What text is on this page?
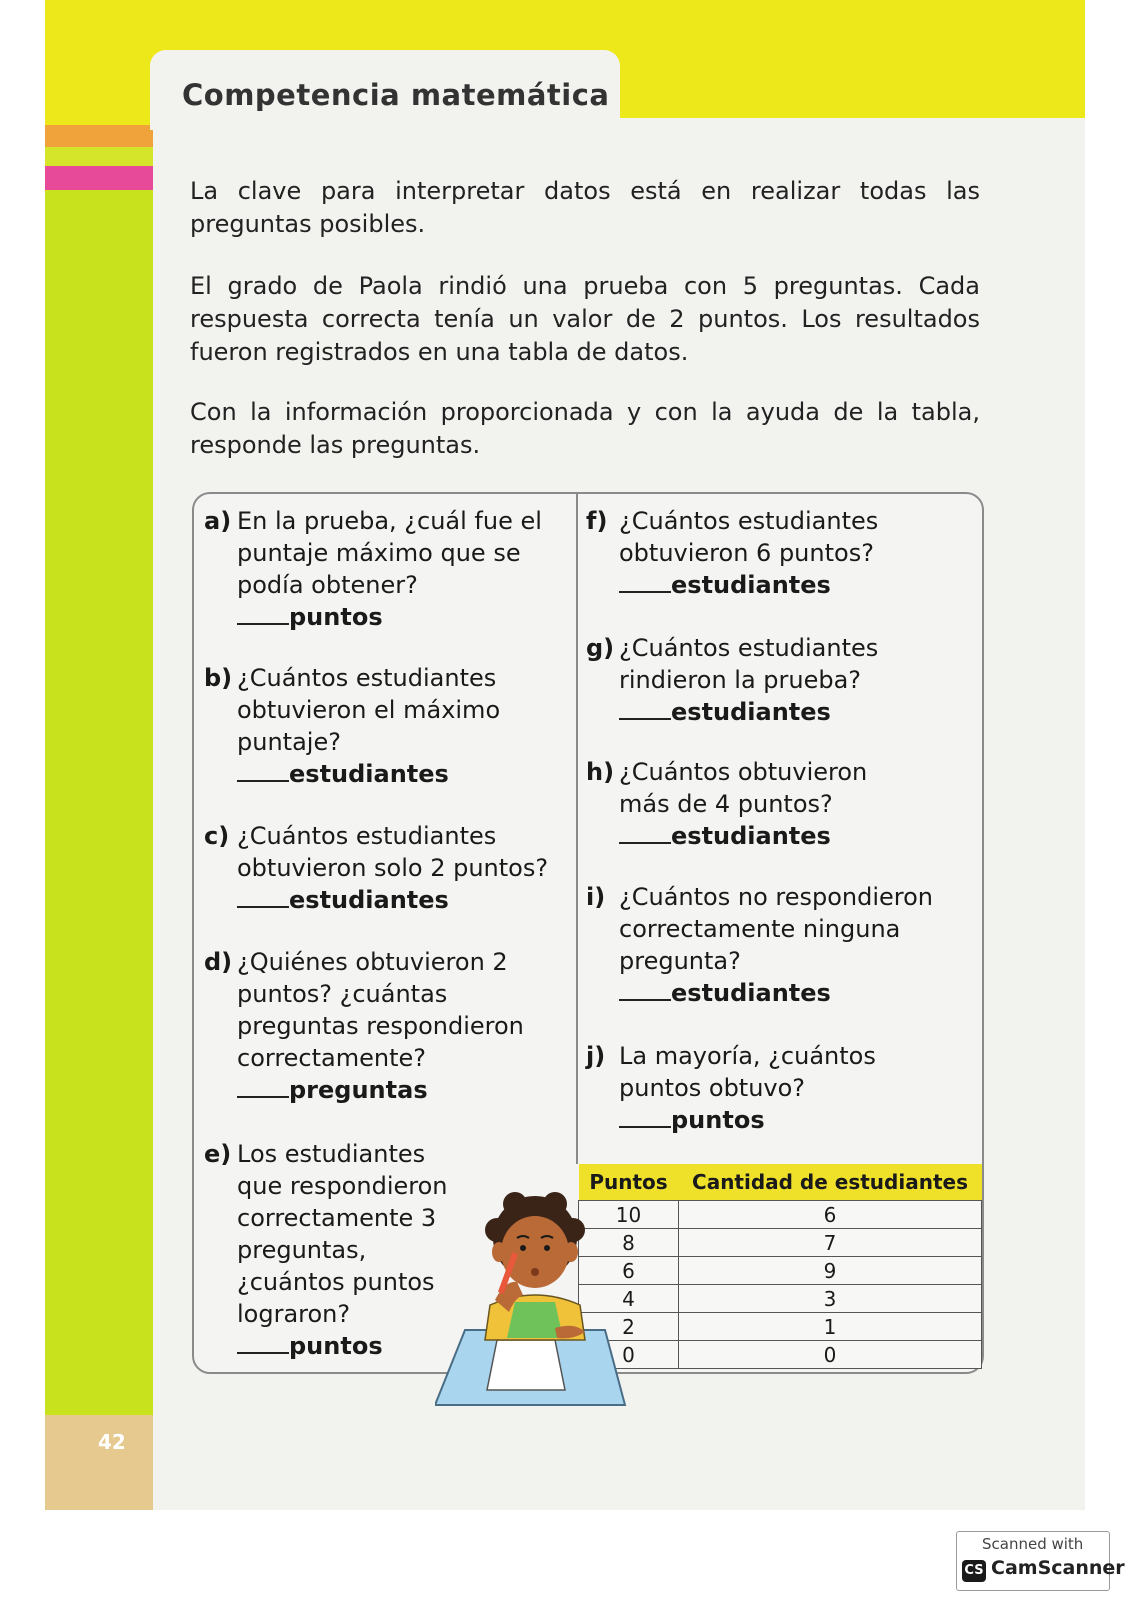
42
Competencia matemática
La clave para interpretar datos está en realizar todas las preguntas posibles.
El grado de Paola rindió una prueba con 5 preguntas. Cada respuesta correcta tenía un valor de 2 puntos. Los resultados fueron registrados en una tabla de datos.
Con la información proporcionada y con la ayuda de la tabla, responde las preguntas.
a) En la prueba, ¿cuál fue el puntaje máximo que se podía obtener?
puntos
b) ¿Cuántos estudiantes obtuvieron el máximo puntaje?
estudiantes
c) ¿Cuántos estudiantes obtuvieron solo 2 puntos?
estudiantes
d) ¿Quiénes obtuvieron 2 puntos? ¿cuántas preguntas respondieron correctamente?
preguntas
e) Los estudiantes que respondieron correctamente 3 preguntas, ¿cuántos puntos lograron?
puntos
f) ¿Cuántos estudiantes obtuvieron 6 puntos?
estudiantes
g) ¿Cuántos estudiantes rindieron la prueba?
estudiantes
h) ¿Cuántos obtuvieron más de 4 puntos?
estudiantes
i) ¿Cuántos no respondieron correctamente ninguna pregunta?
estudiantes
j) La mayoría, ¿cuántos puntos obtuvo?
puntos
Puntos	Cantidad de estudiantes
10	6
8	7
6	9
4	3
2	1
0	0
Scanned with
CS CamScanner
